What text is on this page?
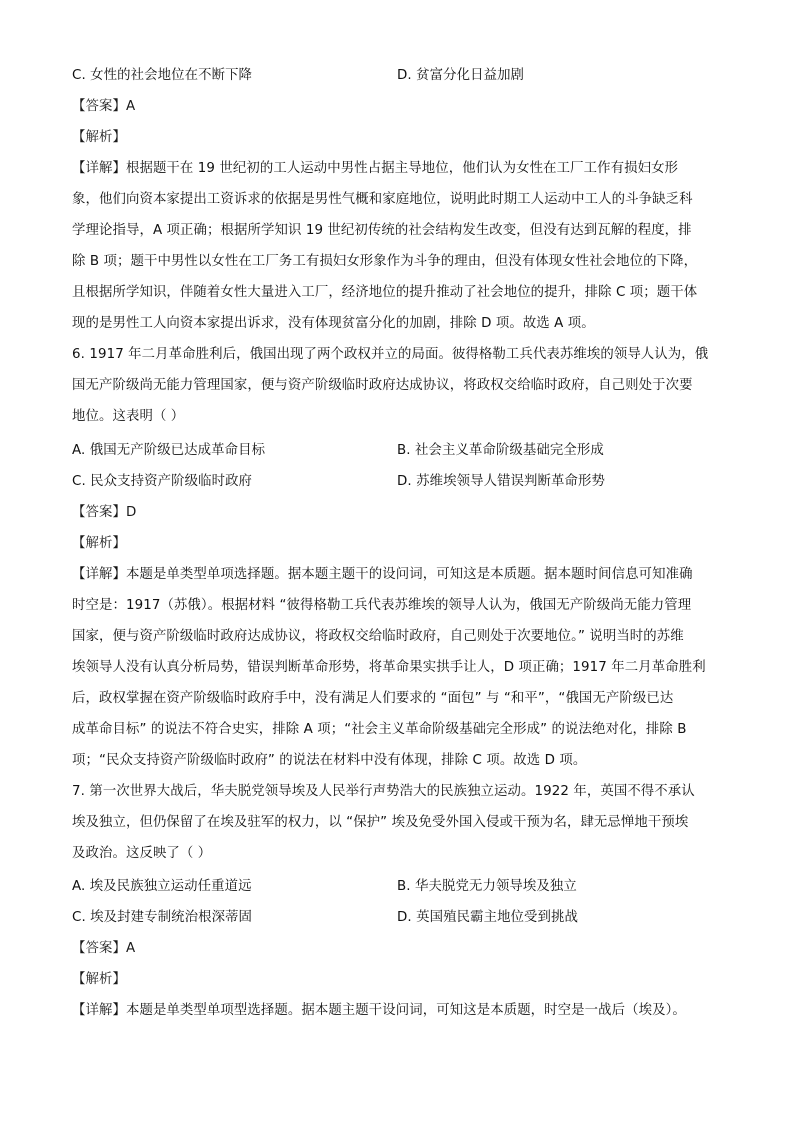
C. 女性的社会地位在不断下降	D. 贫富分化日益加剧
【答案】A
【解析】
【详解】根据题干在 19 世纪初的工人运动中男性占据主导地位，他们认为女性在工厂工作有损妇女形
象，他们向资本家提出工资诉求的依据是男性气概和家庭地位，说明此时期工人运动中工人的斗争缺乏科
学理论指导，A 项正确；根据所学知识 19 世纪初传统的社会结构发生改变，但没有达到瓦解的程度，排
除 B 项；题干中男性以女性在工厂务工有损妇女形象作为斗争的理由，但没有体现女性社会地位的下降，
且根据所学知识，伴随着女性大量进入工厂，经济地位的提升推动了社会地位的提升，排除 C 项；题干体
现的是男性工人向资本家提出诉求，没有体现贫富分化的加剧，排除 D 项。故选 A 项。
6. 1917 年二月革命胜利后，俄国出现了两个政权并立的局面。彼得格勒工兵代表苏维埃的领导人认为，俄
国无产阶级尚无能力管理国家，便与资产阶级临时政府达成协议，将政权交给临时政府，自己则处于次要
地位。这表明（ ）
A. 俄国无产阶级已达成革命目标	B. 社会主义革命阶级基础完全形成
C. 民众支持资产阶级临时政府	D. 苏维埃领导人错误判断革命形势
【答案】D
【解析】
【详解】本题是单类型单项选择题。据本题主题干的设问词，可知这是本质题。据本题时间信息可知准确
时空是：1917（苏俄）。根据材料 “彼得格勒工兵代表苏维埃的领导人认为，俄国无产阶级尚无能力管理
国家，便与资产阶级临时政府达成协议，将政权交给临时政府，自己则处于次要地位。” 说明当时的苏维
埃领导人没有认真分析局势，错误判断革命形势，将革命果实拱手让人，D 项正确；1917 年二月革命胜利
后，政权掌握在资产阶级临时政府手中，没有满足人们要求的 “面包” 与 “和平”，“俄国无产阶级已达
成革命目标” 的说法不符合史实，排除 A 项；“社会主义革命阶级基础完全形成” 的说法绝对化，排除 B
项；“民众支持资产阶级临时政府” 的说法在材料中没有体现，排除 C 项。故选 D 项。
7. 第一次世界大战后，华夫脱党领导埃及人民举行声势浩大的民族独立运动。1922 年，英国不得不承认
埃及独立，但仍保留了在埃及驻军的权力，以 “保护” 埃及免受外国入侵或干预为名，肆无忌惮地干预埃
及政治。这反映了（ ）
A. 埃及民族独立运动任重道远	B. 华夫脱党无力领导埃及独立
C. 埃及封建专制统治根深蒂固	D. 英国殖民霸主地位受到挑战
【答案】A
【解析】
【详解】本题是单类型单项型选择题。据本题主题干设问词，可知这是本质题，时空是一战后（埃及）。
